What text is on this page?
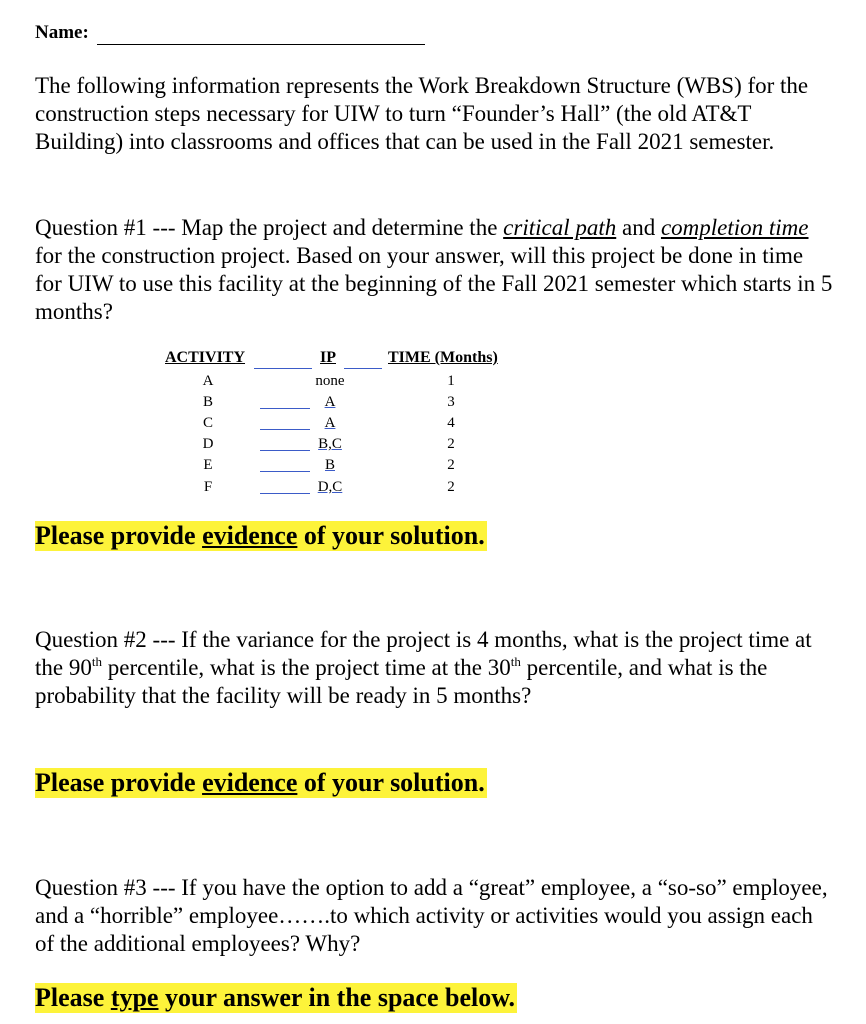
Name:
The following information represents the Work Breakdown Structure (WBS) for the construction steps necessary for UIW to turn “Founder’s Hall” (the old AT&T Building) into classrooms and offices that can be used in the Fall 2021 semester.
Question #1 --- Map the project and determine the critical path and completion time for the construction project. Based on your answer, will this project be done in time for UIW to use this facility at the beginning of the Fall 2021 semester which starts in 5 months?
ACTIVITY	IP	TIME (Months)
A	none	1
B	A	3
C	A	4
D	B,C	2
E	B	2
F	D,C	2
Please provide evidence of your solution.
Question #2 --- If the variance for the project is 4 months, what is the project time at the 90th percentile, what is the project time at the 30th percentile, and what is the probability that the facility will be ready in 5 months?
Please provide evidence of your solution.
Question #3 --- If you have the option to add a “great” employee, a “so-so” employee, and a “horrible” employee…….to which activity or activities would you assign each of the additional employees? Why?
Please type your answer in the space below.
